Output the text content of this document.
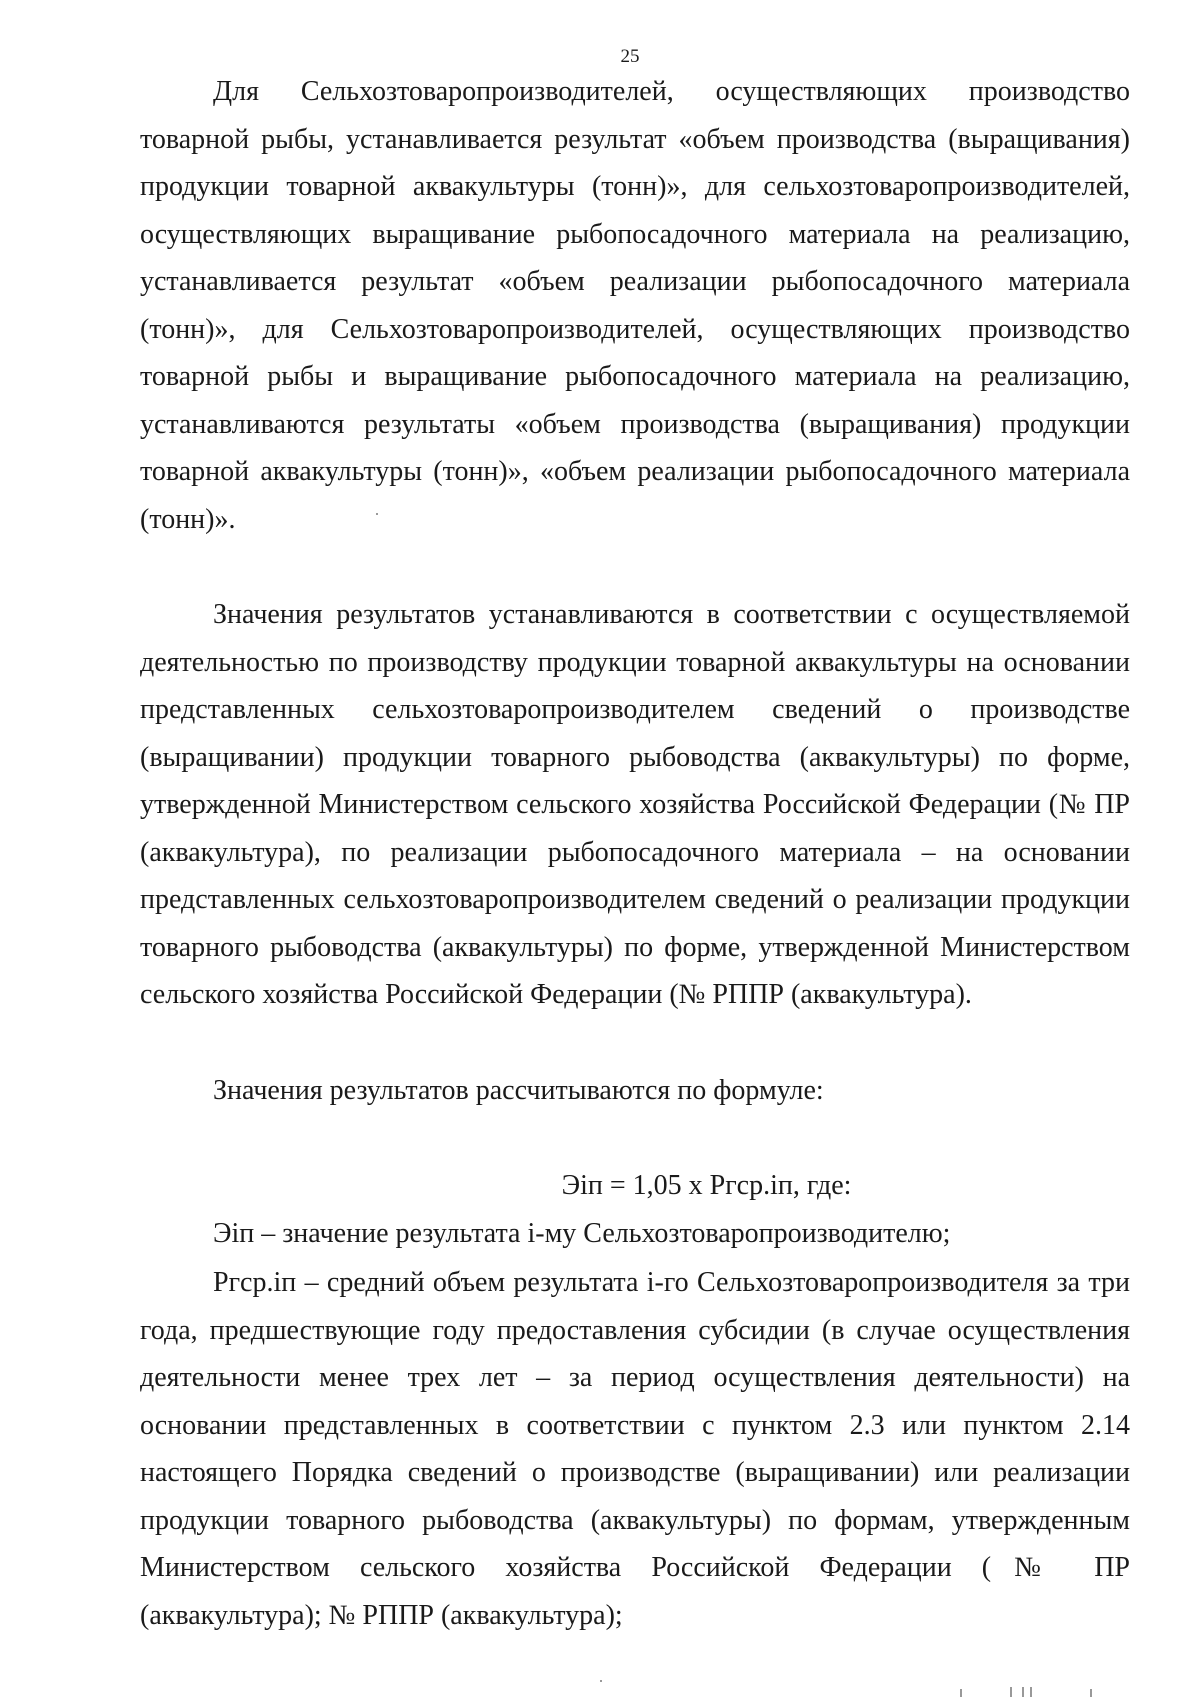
25

Для Сельхозтоваропроизводителей, осуществляющих производство товарной рыбы, устанавливается результат «объем производства (выращивания) продукции товарной аквакультуры (тонн)», для сельхозтоваропроизводителей, осуществляющих выращивание рыбопосадочного материала на реализацию, устанавливается результат «объем реализации рыбопосадочного материала (тонн)», для Сельхозтоваропроизводителей, осуществляющих производство товарной рыбы и выращивание рыбопосадочного материала на реализацию, устанавливаются результаты «объем производства (выращивания) продукции товарной аквакультуры (тонн)», «объем реализации рыбопосадочного материала (тонн)».

Значения результатов устанавливаются в соответствии с осуществляемой деятельностью по производству продукции товарной аквакультуры на основании представленных сельхозтоваропроизводителем сведений о производстве (выращивании) продукции товарного рыбоводства (аквакультуры) по форме, утвержденной Министерством сельского хозяйства Российской Федерации (№ ПР (аквакультура), по реализации рыбопосадочного материала – на основании представленных сельхозтоваропроизводителем сведений о реализации продукции товарного рыбоводства (аквакультуры) по форме, утвержденной Министерством сельского хозяйства Российской Федерации (№ РППР (аквакультура).

Значения результатов рассчитываются по формуле:

Эiп = 1,05 x Ргср.iп, где:

Эiп – значение результата i-му Сельхозтоваропроизводителю;

Ргср.iп – средний объем результата i-го Сельхозтоваропроизводителя за три года, предшествующие году предоставления субсидии (в случае осуществления деятельности менее трех лет – за период осуществления деятельности) на основании представленных в соответствии с пунктом 2.3 или пунктом 2.14 настоящего Порядка сведений о производстве (выращивании) или реализации продукции товарного рыбоводства (аквакультуры) по формам, утвержденным Министерством сельского хозяйства Российской Федерации (№ ПР (аквакультура); № РППР (аквакультура);
